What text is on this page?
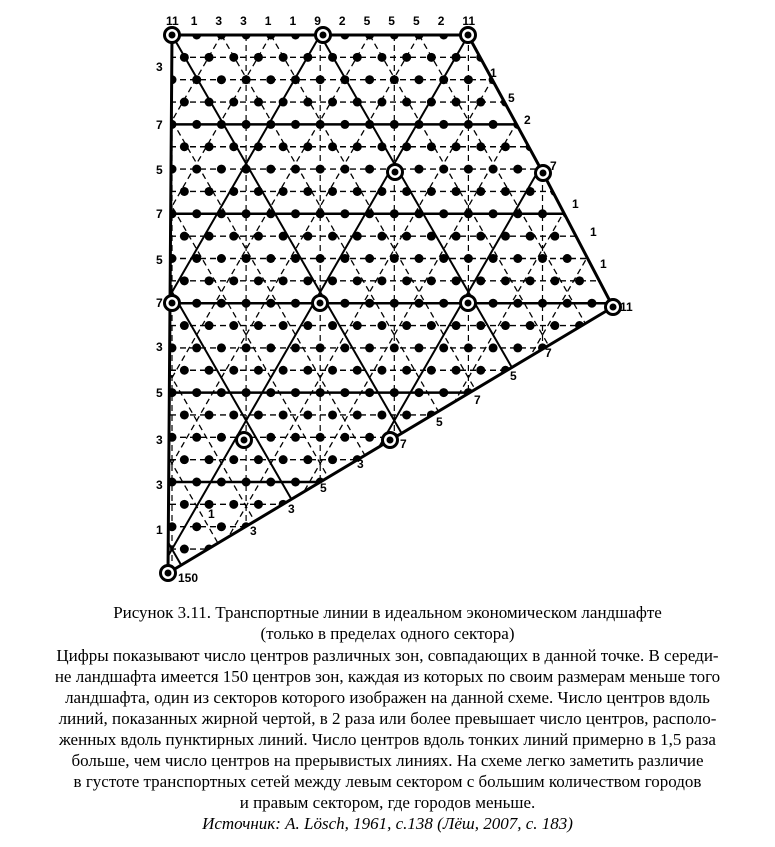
11 1 3 3 1 1 9 2 5 5 5 2 11
3
7
5
7
5
7
3
5
3
3
1
150
11
1
5
2
7
1
1
1
7
5
7
5
7
3
5
3
3
1
Рисунок 3.11. Транспортные линии в идеальном экономическом ландшафте
(только в пределах одного сектора)
Цифры показывают число центров различных зон, совпадающих в данной точке. В середи-
не ландшафта имеется 150 центров зон, каждая из которых по своим размерам меньше того
ландшафта, один из секторов которого изображен на данной схеме. Число центров вдоль
линий, показанных жирной чертой, в 2 раза или более превышает число центров, располо-
женных вдоль пунктирных линий. Число центров вдоль тонких линий примерно в 1,5 раза
больше, чем число центров на прерывистых линиях. На схеме легко заметить различие
в густоте транспортных сетей между левым сектором с большим количеством городов
и правым сектором, где городов меньше.
Источник: A. Lösch, 1961, с.138 (Лёш, 2007, с. 183)
